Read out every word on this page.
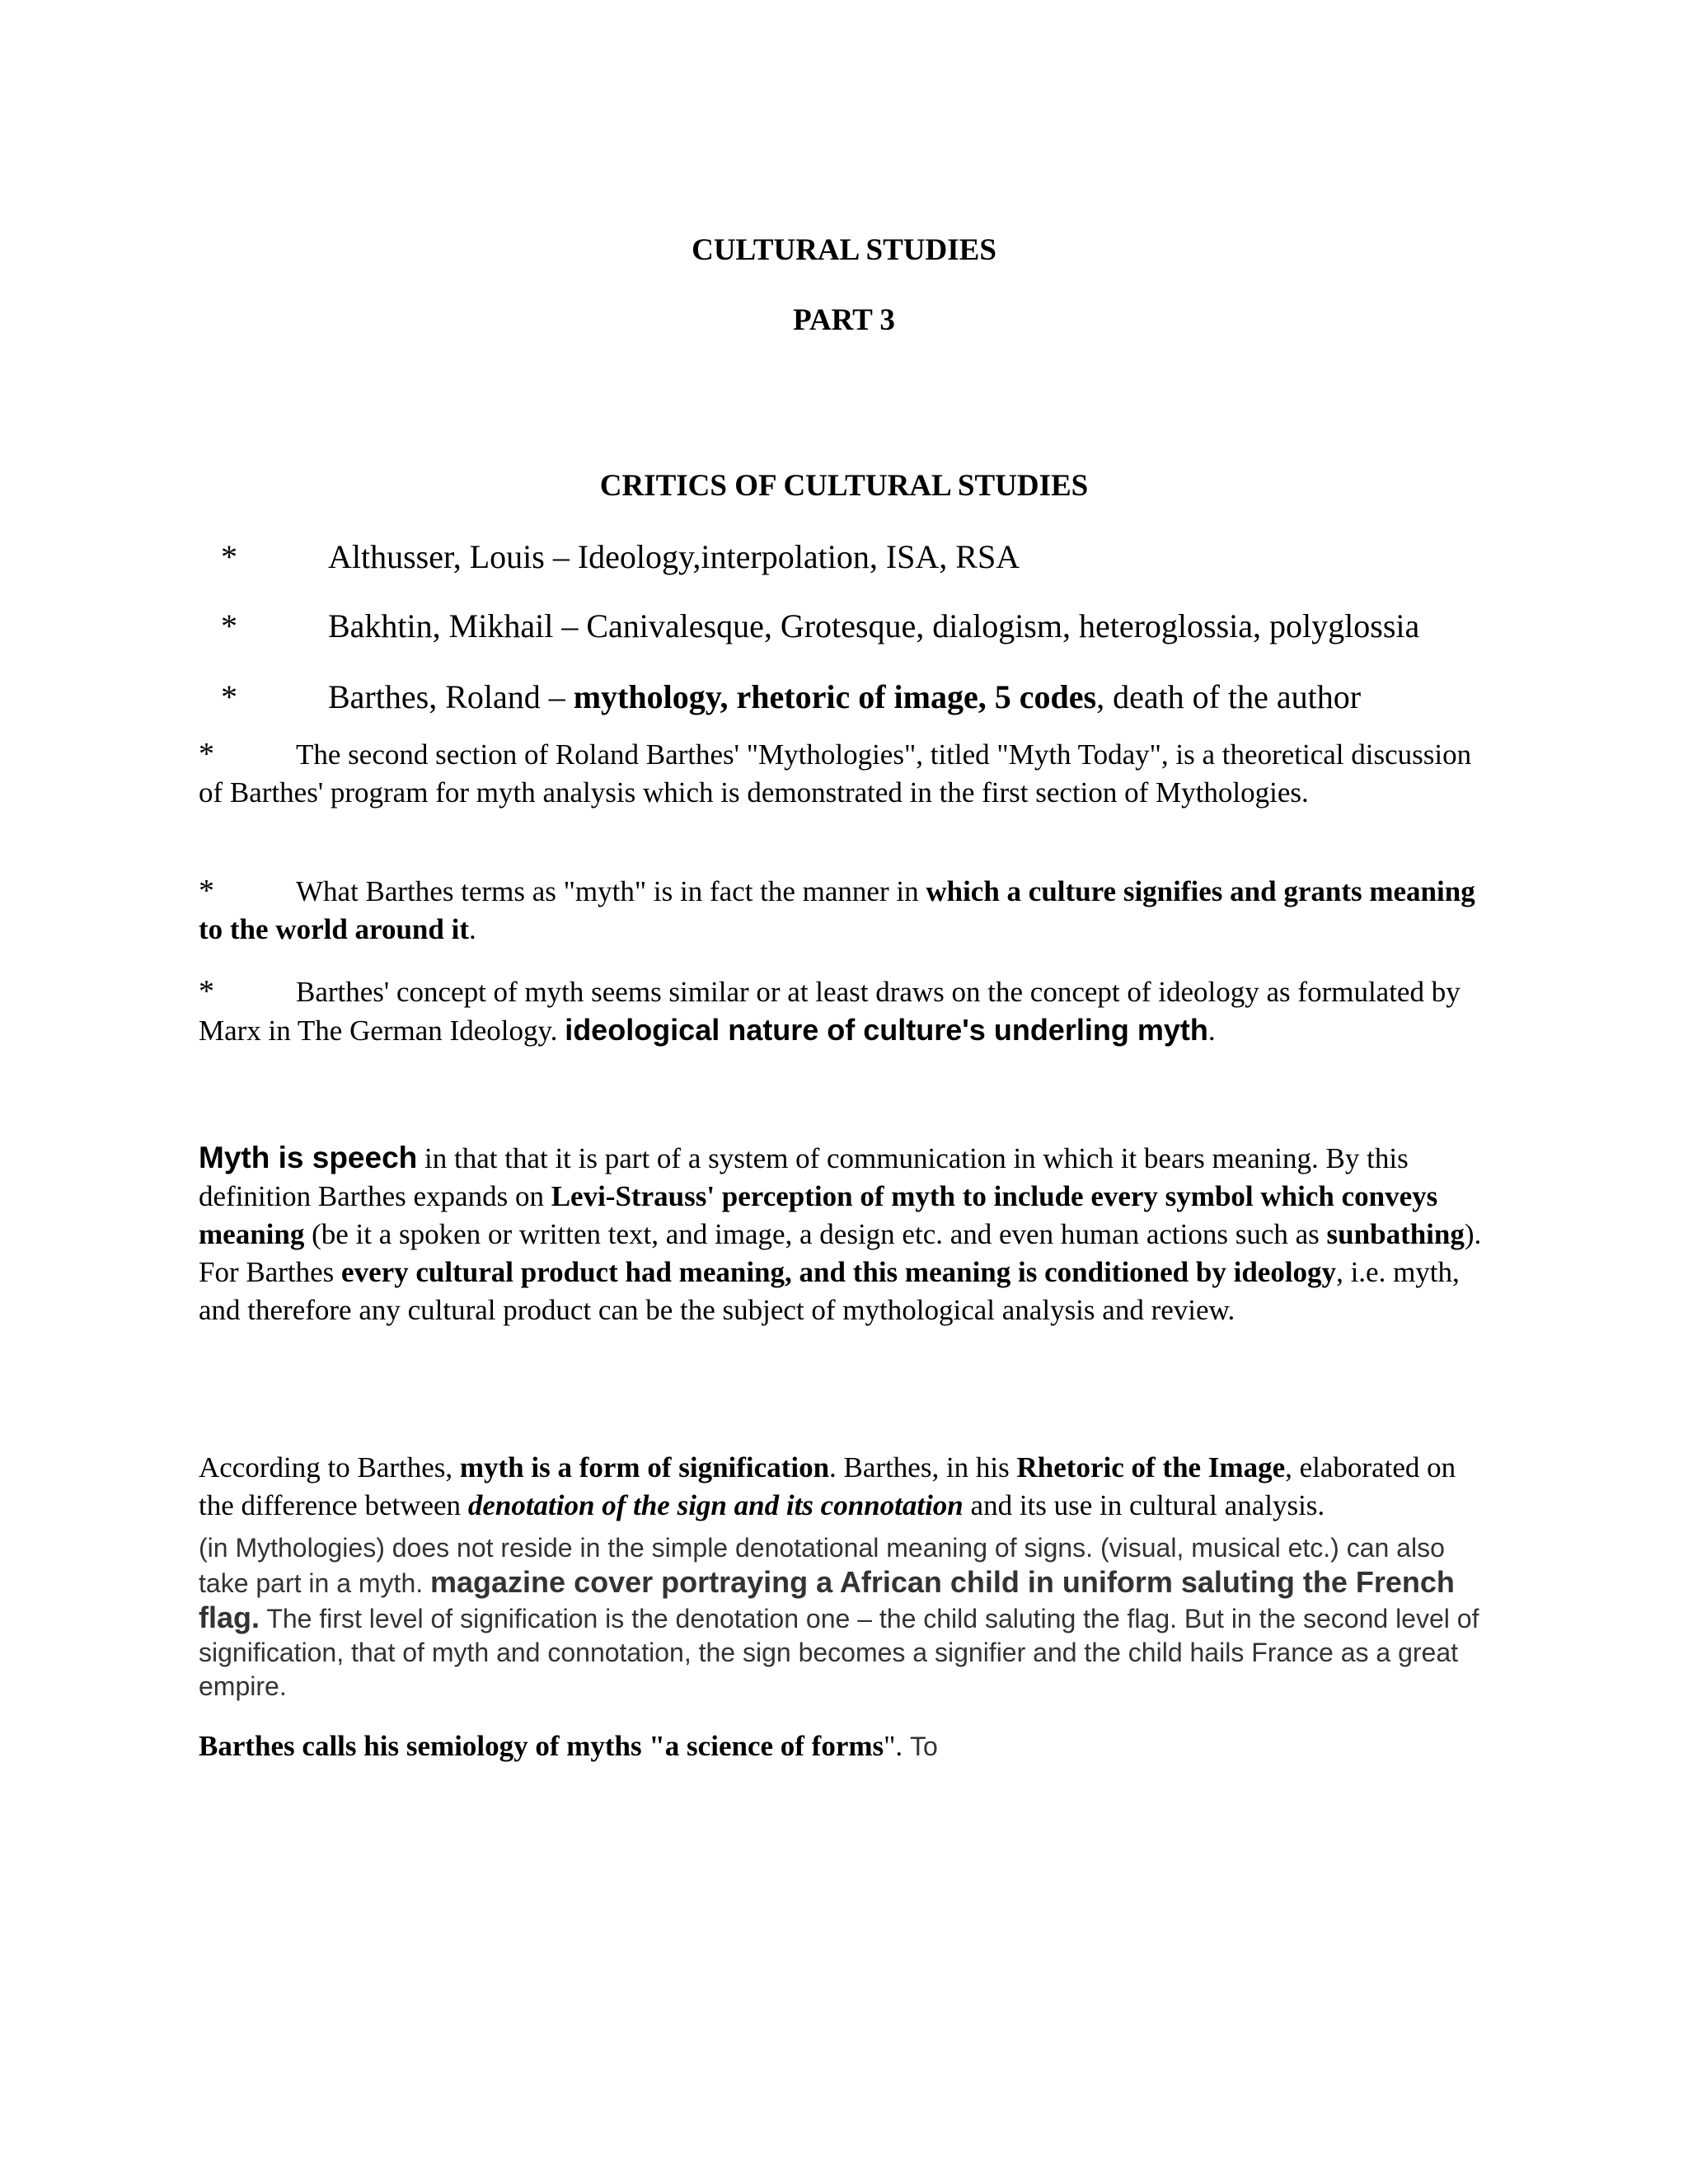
CULTURAL STUDIES
PART 3
CRITICS OF CULTURAL STUDIES
*	Althusser, Louis – Ideology,interpolation, ISA, RSA
*	Bakhtin, Mikhail – Canivalesque, Grotesque, dialogism, heteroglossia, polyglossia
*	Barthes, Roland – mythology, rhetoric of image, 5 codes, death of the author
*	The second section of Roland Barthes' "Mythologies", titled "Myth Today", is a theoretical discussion of Barthes' program for myth analysis which is demonstrated in the first section of Mythologies.
*	What Barthes terms as "myth" is in fact the manner in which a culture signifies and grants meaning to the world around it.
*	Barthes' concept of myth seems similar or at least draws on the concept of ideology as formulated by Marx in The German Ideology. ideological nature of culture's underling myth.
Myth is speech in that that it is part of a system of communication in which it bears meaning. By this definition Barthes expands on Levi-Strauss' perception of myth to include every symbol which conveys meaning (be it a spoken or written text, and image, a design etc. and even human actions such as sunbathing). For Barthes every cultural product had meaning, and this meaning is conditioned by ideology, i.e. myth, and therefore any cultural product can be the subject of mythological analysis and review.
According to Barthes, myth is a form of signification. Barthes, in his Rhetoric of the Image, elaborated on the difference between denotation of the sign and its connotation and its use in cultural analysis.
(in Mythologies) does not reside in the simple denotational meaning of signs. (visual, musical etc.) can also take part in a myth. magazine cover portraying a African child in uniform saluting the French flag. The first level of signification is the denotation one – the child saluting the flag. But in the second level of signification, that of myth and connotation, the sign becomes a signifier and the child hails France as a great empire.
Barthes calls his semiology of myths "a science of forms". To
